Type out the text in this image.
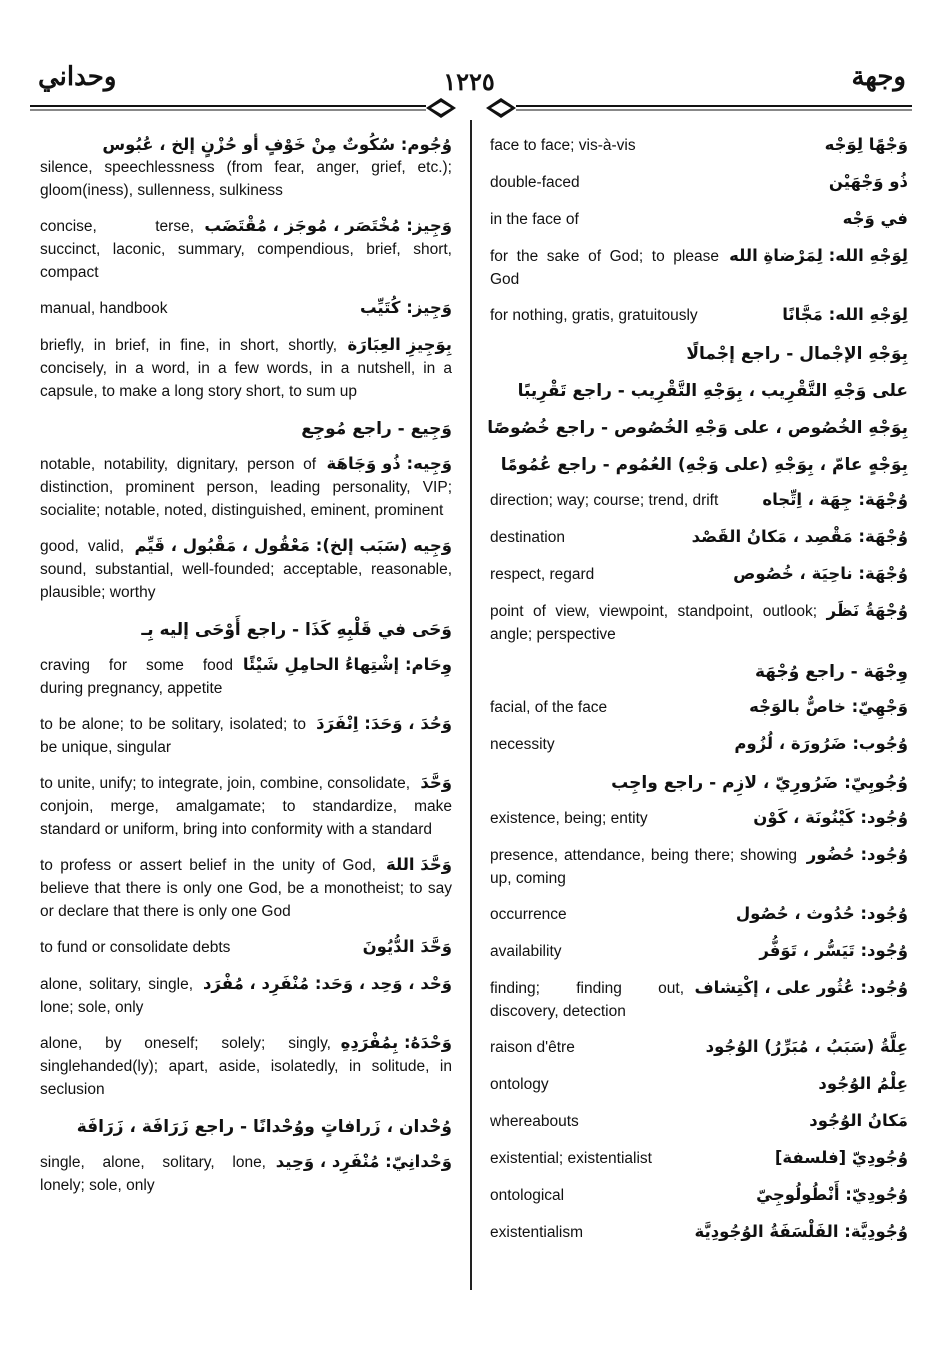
وحداني	١٢٢٥	وجهة
silence, speechlessness (from fear, anger, grief, etc.); gloom(iness), sullenness, sulkiness
وُجُوم: سُكُوتٌ مِنْ خَوْفٍ أو حُزْنٍ إلخ ، عُبُوس
concise, terse, succinct, laconic, summary, compendious, brief, short, compact
وَجِيز: مُخْتَصَر ، مُوجَز ، مُقْتَضَب
manual, handbook	وَجِيز: كُتَيِّب
briefly, in brief, in fine, in short, shortly, concisely, in a word, in a few words, in a nutshell, in a capsule, to make a long story short, to sum up
بِوَجِيزِ العِبَارَة
وَجِيع - راجع مُوجِع
notable, notability, dignitary, person of distinction, prominent person, leading personality, VIP; socialite; notable, noted, distinguished, eminent, prominent
وَجِيه: ذُو وَجَاهَة
good, valid, sound, substantial, well-founded; acceptable, reasonable, plausible; worthy
وَجِيه (سَبَب إلخ): مَعْقُول ، مَقْبُول ، قَيِّم
وَحَى في قَلْبِهِ كَذَا - راجع أَوْحَى إليه بِـ
craving for some food during pregnancy, appetite
وِحَام: إشْتِهاءُ الحامِلِ شَيْئًا
to be alone; to be solitary, isolated; to be unique, singular
وَحُدَ ، وَحَدَ: اِنْفَرَدَ
to unite, unify; to integrate, join, combine, consolidate, conjoin, merge, amalgamate; to standardize, make standard or uniform, bring into conformity with a standard
وَحَّدَ
to profess or assert belief in the unity of God, believe that there is only one God, be a monotheist; to say or declare that there is only one God
وَحَّدَ اللهَ
to fund or consolidate debts	وَحَّدَ الدُّيُونَ
alone, solitary, single, lone; sole, only
وَحْد ، وَحِد ، وَحَد: مُنْفَرِد ، مُفْرَد
alone, by oneself; solely; singly, singlehanded(ly); apart, aside, isolatedly, in solitude, in seclusion
وَحْدَهُ: بِمُفْرَدِهِ
وُحْدان ، زَرافاتٍ ووُحْدانًا - راجع زَرَافَة ، زَرَافَة
single, alone, solitary, lone, lonely; sole, only
وَحْدانِيّ: مُنْفَرِد ، وَحِيد
face to face; vis-à-vis	وَجْهًا لِوَجْه
double-faced	ذُو وَجْهَيْن
in the face of	في وَجْه
for the sake of God; to please God
لِوَجْهِ الله: لِمَرْضاةِ الله
for nothing, gratis, gratuitously	لِوَجْهِ الله: مَجَّانًا
بِوَجْهِ الإجْمال - راجع إجْمالًا
على وَجْهِ التَّقْرِيب ، بِوَجْهِ التَّقْرِيب - راجع تَقْرِيبًا
بِوَجْهِ الخُصُوص ، على وَجْهِ الخُصُوص - راجع خُصُوصًا
بِوَجْهٍ عامّ ، بِوَجْهِ (على وَجْهِ) العُمُوم - راجع عُمُومًا
direction; way; course; trend, drift	وُجْهَة: جِهَة ، اِتِّجاه
destination	وُجْهَة: مَقْصِد ، مَكانُ القَصْد
respect, regard	وُجْهَة: ناحِيَة ، خُصُوص
point of view, viewpoint, standpoint, outlook; angle; perspective
وُجْهَةُ نَظَر
وِجْهَة - راجع وُجْهَة
facial, of the face	وَجْهِيّ: خاصٌّ بالوَجْه
necessity	وُجُوب: ضَرُورَة ، لُزُوم
وُجُوبِيّ: ضَرُورِيّ ، لازِم - راجع واجِب
existence, being; entity	وُجُود: كَيْنُونَة ، كَوْن
presence, attendance, being there; showing up, coming
وُجُود: حُضُور
occurrence	وُجُود: حُدُوث ، حُصُول
availability	وُجُود: تَيَسُّر ، تَوَفُّر
finding; finding out, discovery, detection
وُجُود: عُثُور على ، إكْتِشاف
raison d'être	عِلَّةُ (سَبَبُ ، مُبَرِّرُ) الوُجُود
ontology	عِلْمُ الوُجُود
whereabouts	مَكانُ الوُجُود
existential; existentialist	وُجُودِيّ [فلسفة]
ontological	وُجُودِيّ: أَنْطُولُوجِيّ
existentialism	وُجُودِيَّة: الفَلْسَفَةُ الوُجُودِيَّة
